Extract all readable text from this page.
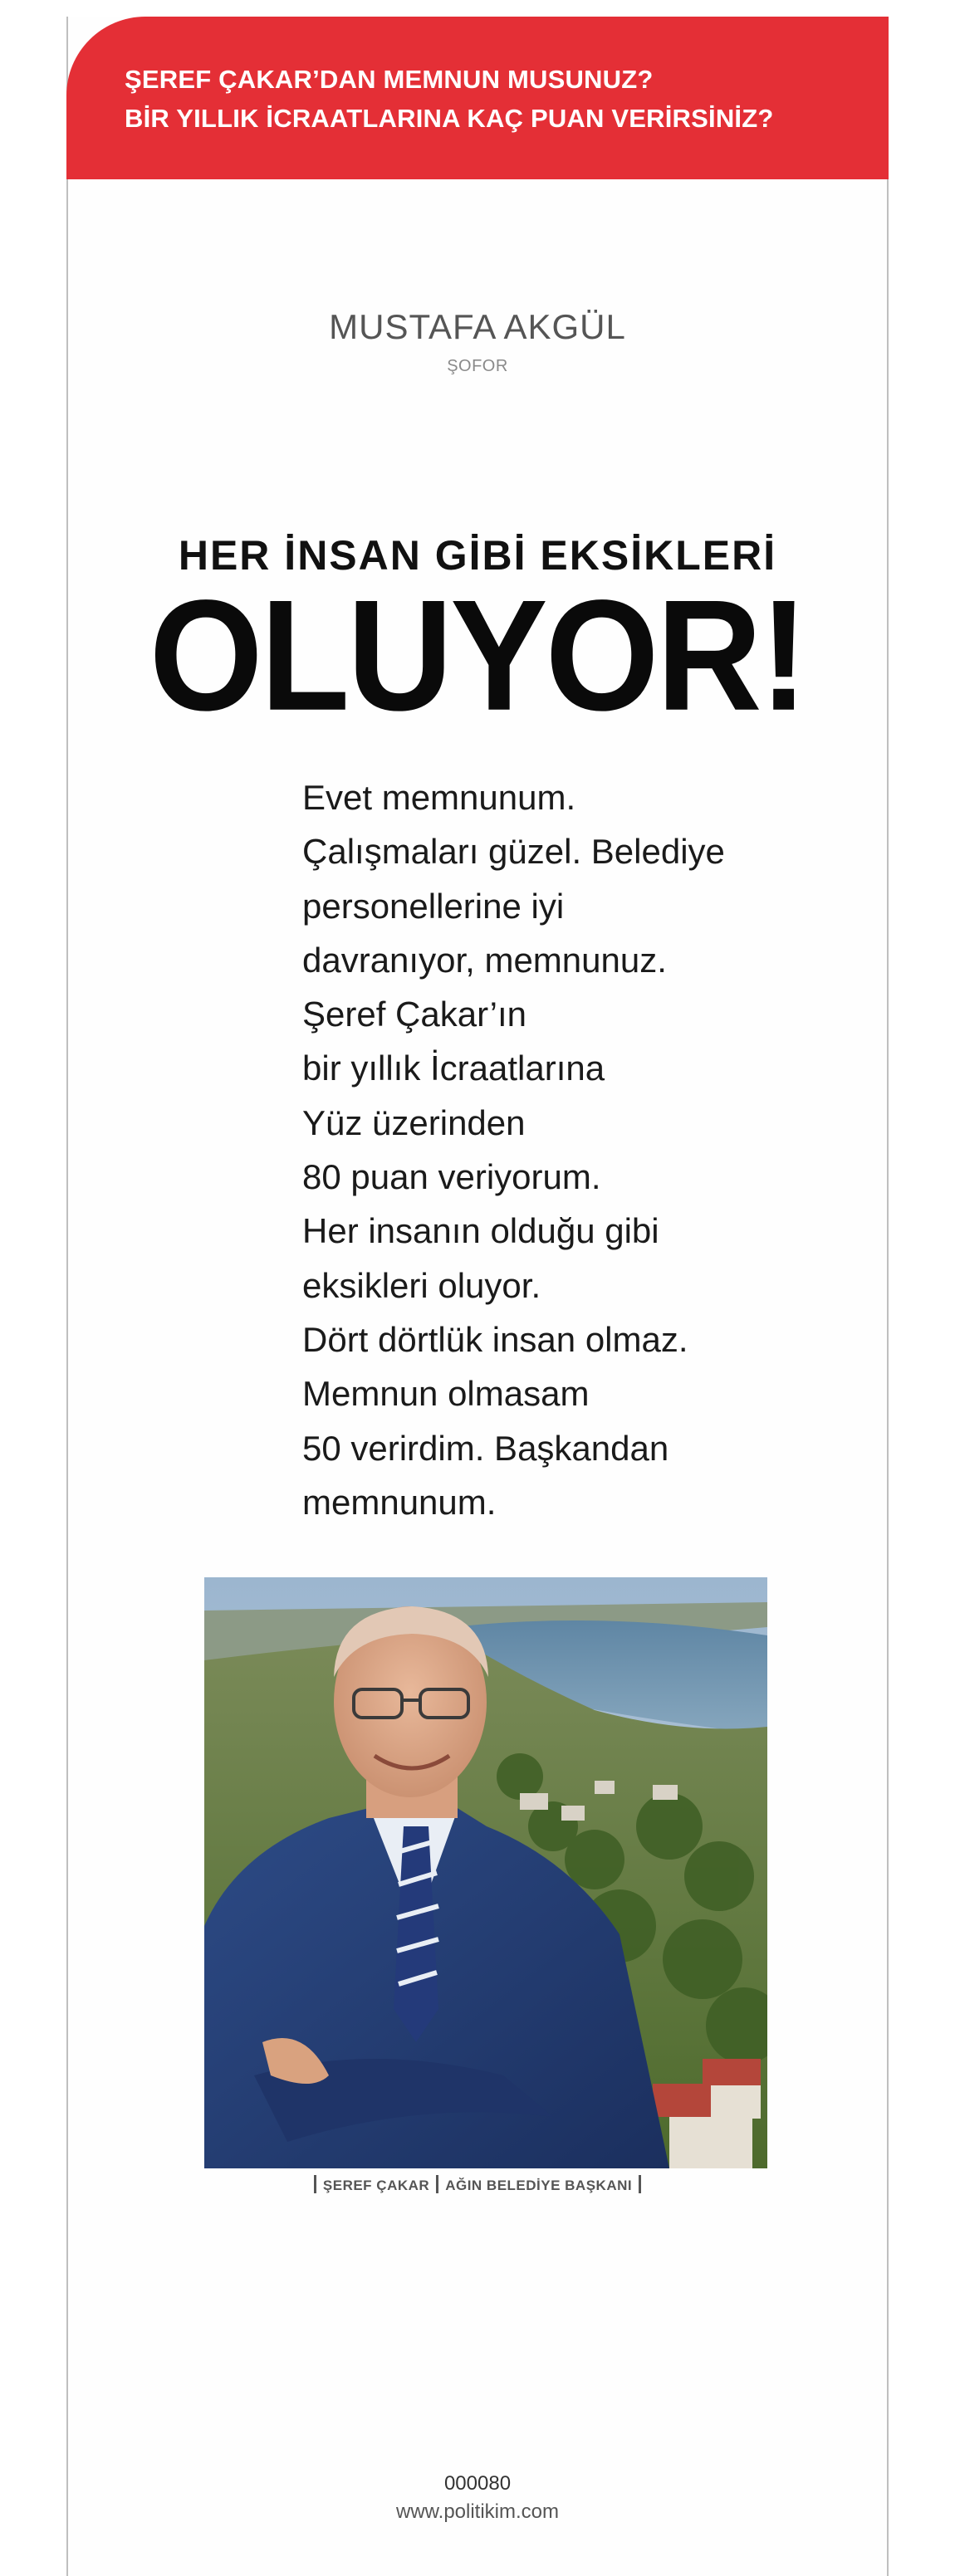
ŞEREF ÇAKAR’DAN MEMNUN MUSUNUZ?
BİR YILLIK İCRAATLARINA KAÇ PUAN VERİRSİNİZ?
MUSTAFA AKGÜL
ŞOFOR
HER İNSAN GİBİ EKSİKLERİ
OLUYOR!
Evet memnunum.
Çalışmaları güzel. Belediye
personellerine iyi
davranıyor, memnunuz.
Şeref Çakar’ın
bir yıllık İcraatlarına
Yüz üzerinden
80 puan veriyorum.
Her insanın olduğu gibi
eksikleri oluyor.
Dört dörtlük insan olmaz.
Memnun olmasam
50 verirdim. Başkandan
memnunum.
ŞEREF ÇAKAR AĞIN BELEDİYE BAŞKANI
000080
www.politikim.com
